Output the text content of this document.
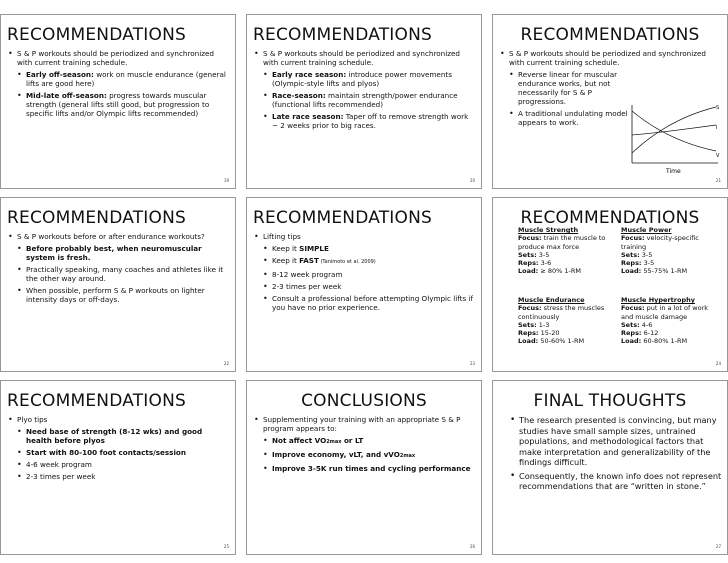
RECOMMENDATIONS
• S & P workouts should be periodized and synchronized with current training schedule.
• Early off-season: work on muscle endurance (general lifts are good here)
• Mid-late off-season: progress towards muscular strength (general lifts still good, but progression to specific lifts and/or Olympic lifts recommended)
19
RECOMMENDATIONS
• S & P workouts should be periodized and synchronized with current training schedule.
• Early race season: introduce power movements (Olympic-style lifts and plyos)
• Race-season: maintain strength/power endurance (functional lifts recommended)
• Late race season: Taper off to remove strength work ~ 2 weeks prior to big races.
20
RECOMMENDATIONS
• S & P workouts should be periodized and synchronized with current training schedule.
• Reverse linear for muscular endurance works, but not necessarily for S & P progressions.
• A traditional undulating model appears to work.
S
I
V
Time
21
RECOMMENDATIONS
• S & P workouts before or after endurance workouts?
• Before probably best, when neuromuscular system is fresh.
• Practically speaking, many coaches and athletes like it the other way around.
• When possible, perform S & P workouts on lighter intensity days or off-days.
22
RECOMMENDATIONS
• Lifting tips
• Keep it SIMPLE
• Keep it FAST (Tanimoto et al. 2009)
• 8-12 week program
• 2-3 times per week
• Consult a professional before attempting Olympic lifts if you have no prior experience.
23
RECOMMENDATIONS
Muscle Strength
Focus: train the muscle to produce max force
Sets: 3-5
Reps: 3-6
Load: ≥ 80% 1-RM
Muscle Power
Focus: velocity-specific training
Sets: 3-5
Reps: 3-5
Load: 55-75% 1-RM
Muscle Endurance
Focus: stress the muscles continuously
Sets: 1-3
Reps: 15-20
Load: 50-60% 1-RM
Muscle Hypertrophy
Focus: put in a lot of work and muscle damage
Sets: 4-6
Reps: 6-12
Load: 60-80% 1-RM
24
RECOMMENDATIONS
• Plyo tips
• Need base of strength (8-12 wks) and good health before plyos
• Start with 80-100 foot contacts/session
• 4-6 week program
• 2-3 times per week
25
CONCLUSIONS
• Supplementing your training with an appropriate S & P program appears to:
• Not affect VO2max or LT
• Improve economy, vLT, and vVO2max
• Improve 3-5K run times and cycling performance
26
FINAL THOUGHTS
• The research presented is convincing, but many studies have small sample sizes, untrained populations, and methodological factors that make interpretation and generalizability of the findings difficult.
• Consequently, the known info does not represent recommendations that are “written in stone.”
27
